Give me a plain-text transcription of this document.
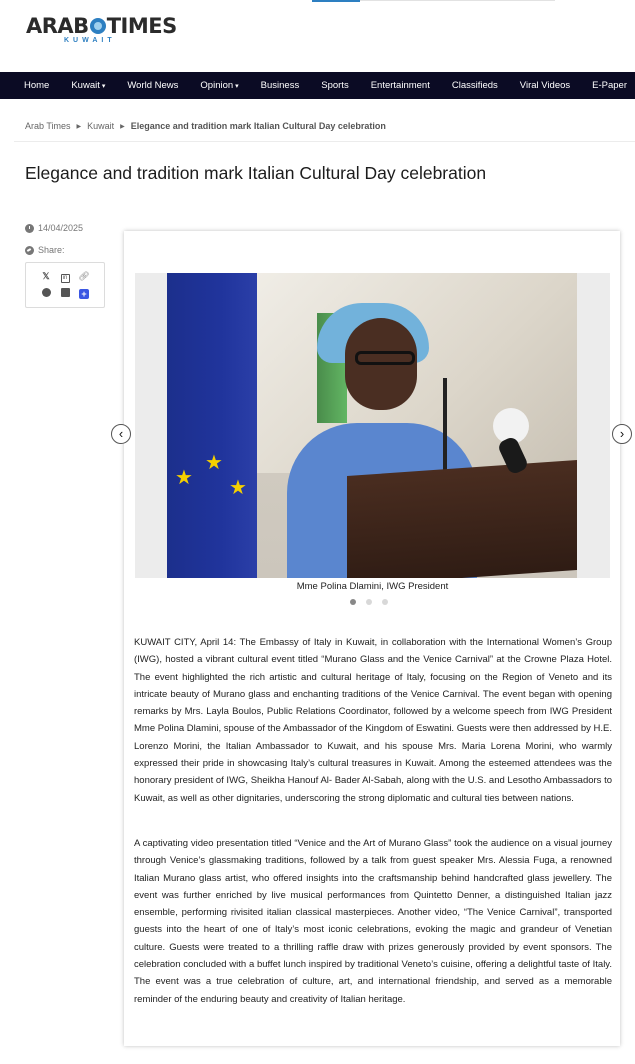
ARAB TIMES
KUWAIT
Home	Kuwait ▾	World News	Opinion ▾	Business	Sports	Entertainment	Classifieds	Viral Videos	E-Paper
Arab Times ▶ Kuwait ▶ Elegance and tradition mark Italian Cultural Day celebration
Elegance and tradition mark Italian Cultural Day celebration
14/04/2025
Share:
𝕏	in	🔗︎
+
★
★
★
‹	›
Mme Polina Dlamini, IWG President

KUWAIT CITY, April 14: The Embassy of Italy in Kuwait, in collaboration with the International Women’s Group (IWG), hosted a vibrant cultural event titled “Murano Glass and the Venice Carnival” at the Crowne Plaza Hotel. The event highlighted the rich artistic and cultural heritage of Italy, focusing on the Region of Veneto and its intricate beauty of Murano glass and enchanting traditions of the Venice Carnival. The event began with opening remarks by Mrs. Layla Boulos, Public Relations Coordinator, followed by a welcome speech from IWG President Mme Polina Dlamini, spouse of the Ambassador of the Kingdom of Eswatini. Guests were then addressed by H.E. Lorenzo Morini, the Italian Ambassador to Kuwait, and his spouse Mrs. Maria Lorena Morini, who warmly expressed their pride in showcasing Italy’s cultural treasures in Kuwait. Among the esteemed attendees was the honorary president of IWG, Sheikha Hanouf Al- Bader Al-Sabah, along with the U.S. and Lesotho Ambassadors to Kuwait, as well as other dignitaries, underscoring the strong diplomatic and cultural ties between nations.

A captivating video presentation titled “Venice and the Art of Murano Glass” took the audience on a visual journey through Venice’s glassmaking traditions, followed by a talk from guest speaker Mrs. Alessia Fuga, a renowned Italian Murano glass artist, who offered insights into the craftsmanship behind handcrafted glass jewellery. The event was further enriched by live musical performances from Quintetto Denner, a distinguished Italian jazz ensemble, performing rivisited italian classical masterpieces. Another video, “The Venice Carnival”, transported guests into the heart of one of Italy’s most iconic celebrations, evoking the magic and grandeur of Venetian culture. Guests were treated to a thrilling raffle draw with prizes generously provided by event sponsors. The celebration concluded with a buffet lunch inspired by traditional Veneto’s cuisine, offering a delightful taste of Italy. The event was a true celebration of culture, art, and international friendship, and served as a memorable reminder of the enduring beauty and creativity of Italian heritage.
